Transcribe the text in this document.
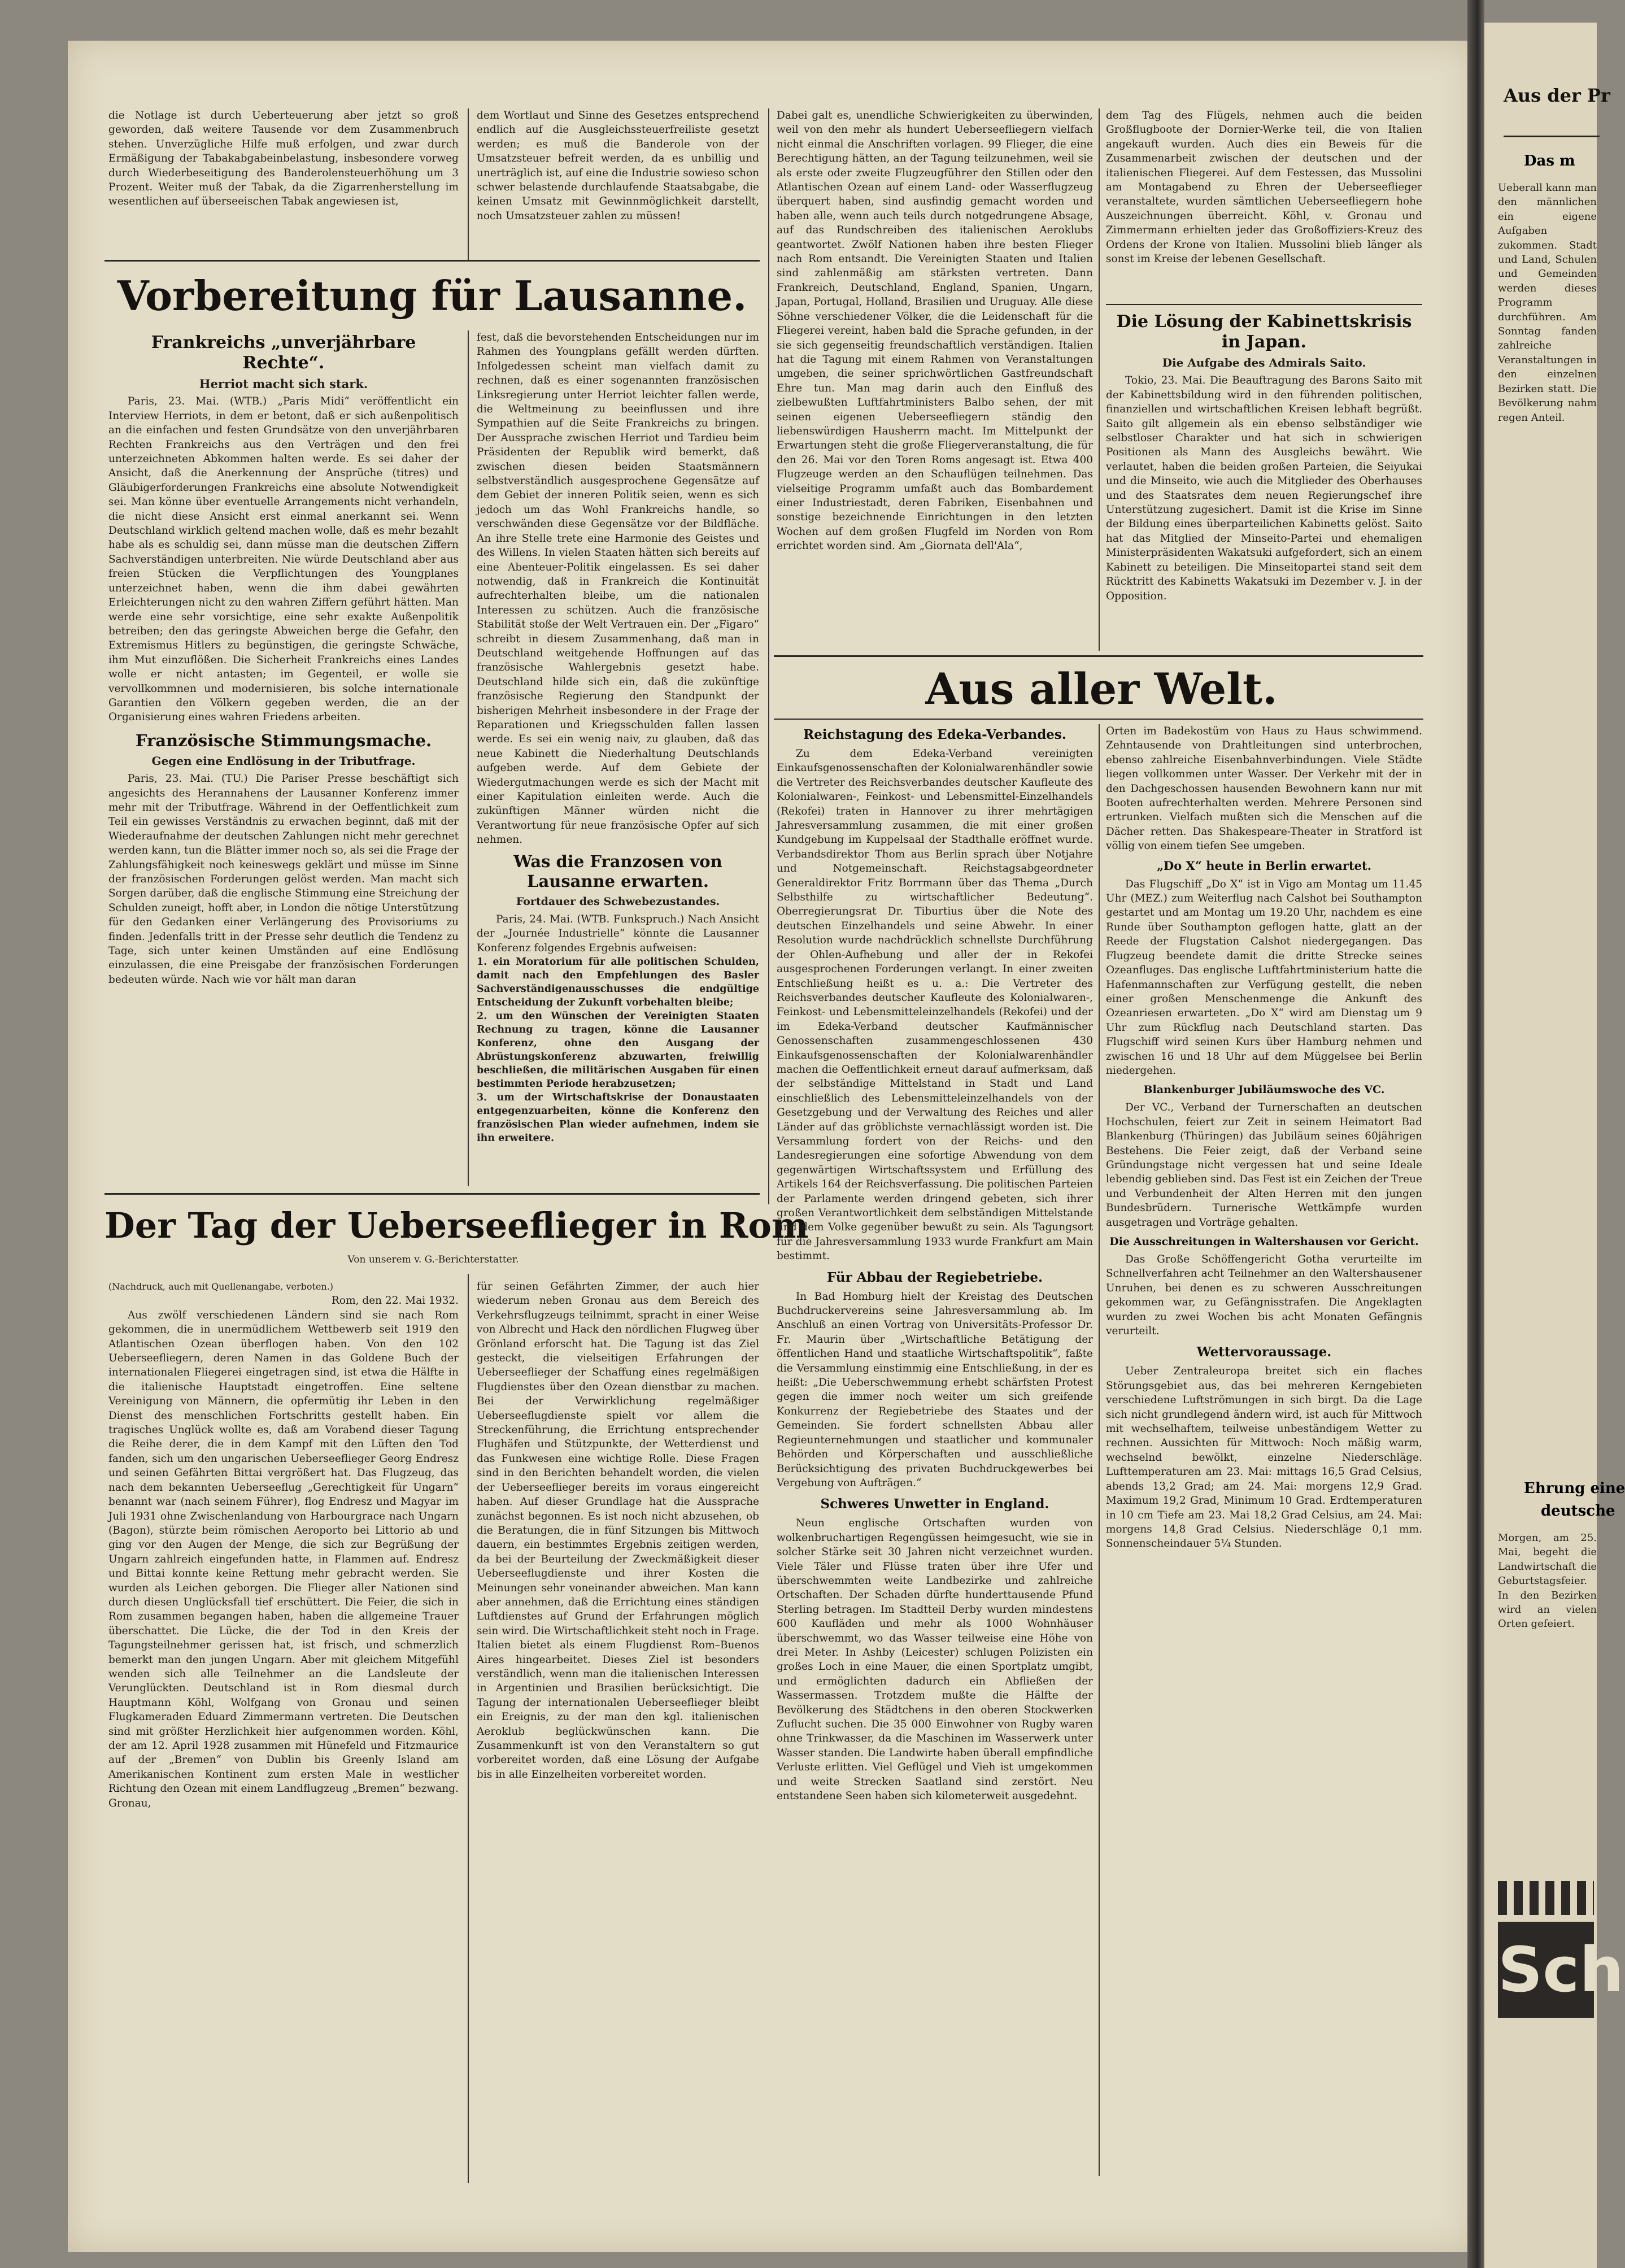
die Notlage ist durch Ueberteuerung aber jetzt so groß geworden, daß weitere Tausende vor dem Zusammenbruch stehen. Unverzügliche Hilfe muß erfolgen, und zwar durch Ermäßigung der Tabakabgabeinbelastung, insbesondere vorweg durch Wiederbeseitigung des Banderolensteuerhöhung um 3 Prozent. Weiter muß der Tabak, da die Zigarrenherstellung im wesentlichen auf überseeischen Tabak angewiesen ist,

dem Wortlaut und Sinne des Gesetzes entsprechend endlich auf die Ausgleichssteuerfreiliste gesetzt werden; es muß die Banderole von der Umsatzsteuer befreit werden, da es unbillig und unerträglich ist, auf eine die Industrie sowieso schon schwer belastende durchlaufende Staatsabgabe, die keinen Umsatz mit Gewinnmöglichkeit darstellt, noch Umsatzsteuer zahlen zu müssen!

Vorbereitung für Lausanne.
Frankreichs „unverjährbare Rechte“.
Herriot macht sich stark.

Paris, 23. Mai. (WTB.) „Paris Midi“ veröffentlicht ein Interview Herriots, in dem er betont, daß er sich außenpolitisch an die einfachen und festen Grundsätze von den unverjährbaren Rechten Frankreichs aus den Verträgen und den frei unterzeichneten Abkommen halten werde. Es sei daher der Ansicht, daß die Anerkennung der Ansprüche (titres) und Gläubigerforderungen Frankreichs eine absolute Notwendigkeit sei. Man könne über eventuelle Arrangements nicht verhandeln, die nicht diese Ansicht erst einmal anerkannt sei. Wenn Deutschland wirklich geltend machen wolle, daß es mehr bezahlt habe als es schuldig sei, dann müsse man die deutschen Ziffern Sachverständigen unterbreiten. Nie würde Deutschland aber aus freien Stücken die Verpflichtungen des Youngplanes unterzeichnet haben, wenn die ihm dabei gewährten Erleichterungen nicht zu den wahren Ziffern geführt hätten. Man werde eine sehr vorsichtige, eine sehr exakte Außenpolitik betreiben; den das geringste Abweichen berge die Gefahr, den Extremismus Hitlers zu begünstigen, die geringste Schwäche, ihm Mut einzuflößen. Die Sicherheit Frankreichs eines Landes wolle er nicht antasten; im Gegenteil, er wolle sie vervollkommnen und modernisieren, bis solche internationale Garantien den Völkern gegeben werden, die an der Organisierung eines wahren Friedens arbeiten.

Französische Stimmungsmache.
Gegen eine Endlösung in der Tributfrage.

Paris, 23. Mai. (TU.) Die Pariser Presse beschäftigt sich angesichts des Herannahens der Lausanner Konferenz immer mehr mit der Tributfrage. Während in der Oeffentlichkeit zum Teil ein gewisses Verständnis zu erwachen beginnt, daß mit der Wiederaufnahme der deutschen Zahlungen nicht mehr gerechnet werden kann, tun die Blätter immer noch so, als sei die Frage der Zahlungsfähigkeit noch keineswegs geklärt und müsse im Sinne der französischen Forderungen gelöst werden. Man macht sich Sorgen darüber, daß die englische Stimmung eine Streichung der Schulden zuneigt, hofft aber, in London die nötige Unterstützung für den Gedanken einer Verlängerung des Provisoriums zu finden. Jedenfalls tritt in der Presse sehr deutlich die Tendenz zu Tage, sich unter keinen Umständen auf eine Endlösung einzulassen, die eine Preisgabe der französischen Forderungen bedeuten würde. Nach wie vor hält man daran

fest, daß die bevorstehenden Entscheidungen nur im Rahmen des Youngplans gefällt werden dürften. Infolgedessen scheint man vielfach damit zu rechnen, daß es einer sogenannten französischen Linksregierung unter Herriot leichter fallen werde, die Weltmeinung zu beeinflussen und ihre Sympathien auf die Seite Frankreichs zu bringen. Der Aussprache zwischen Herriot und Tardieu beim Präsidenten der Republik wird bemerkt, daß zwischen diesen beiden Staatsmännern selbstverständlich ausgesprochene Gegensätze auf dem Gebiet der inneren Politik seien, wenn es sich jedoch um das Wohl Frankreichs handle, so verschwänden diese Gegensätze vor der Bildfläche. An ihre Stelle trete eine Harmonie des Geistes und des Willens. In vielen Staaten hätten sich bereits auf eine Abenteuer-Politik eingelassen. Es sei daher notwendig, daß in Frankreich die Kontinuität aufrechterhalten bleibe, um die nationalen Interessen zu schützen. Auch die französische Stabilität stoße der Welt Vertrauen ein. Der „Figaro“ schreibt in diesem Zusammenhang, daß man in Deutschland weitgehende Hoffnungen auf das französische Wahlergebnis gesetzt habe. Deutschland hilde sich ein, daß die zukünftige französische Regierung den Standpunkt der bisherigen Mehrheit insbesondere in der Frage der Reparationen und Kriegsschulden fallen lassen werde. Es sei ein wenig naiv, zu glauben, daß das neue Kabinett die Niederhaltung Deutschlands aufgeben werde. Auf dem Gebiete der Wiedergutmachungen werde es sich der Macht mit einer Kapitulation einleiten werde. Auch die zukünftigen Männer würden nicht die Verantwortung für neue französische Opfer auf sich nehmen.

Was die Franzosen von Lausanne erwarten.
Fortdauer des Schwebezustandes.

Paris, 24. Mai. (WTB. Funkspruch.) Nach Ansicht der „Journée Industrielle“ könnte die Lausanner Konferenz folgendes Ergebnis aufweisen:

1. ein Moratorium für alle politischen Schulden, damit nach den Empfehlungen des Basler Sachverständigenausschusses die endgültige Entscheidung der Zukunft vorbehalten bleibe;
2. um den Wünschen der Vereinigten Staaten Rechnung zu tragen, könne die Lausanner Konferenz, ohne den Ausgang der Abrüstungskonferenz abzuwarten, freiwillig beschließen, die militärischen Ausgaben für einen bestimmten Periode herabzusetzen;
3. um der Wirtschaftskrise der Donaustaaten entgegenzuarbeiten, könne die Konferenz den französischen Plan wieder aufnehmen, indem sie ihn erweitere.
Der Tag der Ueberseeflieger in Rom
Von unserem v. G.-Berichterstatter.
(Nachdruck, auch mit Quellenangabe, verboten.)
Rom, den 22. Mai 1932.

Aus zwölf verschiedenen Ländern sind sie nach Rom gekommen, die in unermüdlichem Wettbewerb seit 1919 den Atlantischen Ozean überflogen haben. Von den 102 Ueberseefliegern, deren Namen in das Goldene Buch der internationalen Fliegerei eingetragen sind, ist etwa die Hälfte in die italienische Hauptstadt eingetroffen. Eine seltene Vereinigung von Männern, die opfermütig ihr Leben in den Dienst des menschlichen Fortschritts gestellt haben. Ein tragisches Unglück wollte es, daß am Vorabend dieser Tagung die Reihe derer, die in dem Kampf mit den Lüften den Tod fanden, sich um den ungarischen Ueberseeflieger Georg Endresz und seinen Gefährten Bittai vergrößert hat. Das Flugzeug, das nach dem bekannten Ueberseeflug „Gerechtigkeit für Ungarn“ benannt war (nach seinem Führer), flog Endresz und Magyar im Juli 1931 ohne Zwischenlandung von Harbourgrace nach Ungarn (Bagon), stürzte beim römischen Aeroporto bei Littorio ab und ging vor den Augen der Menge, die sich zur Begrüßung der Ungarn zahlreich eingefunden hatte, in Flammen auf. Endresz und Bittai konnte keine Rettung mehr gebracht werden. Sie wurden als Leichen geborgen. Die Flieger aller Nationen sind durch diesen Unglücksfall tief erschüttert. Die Feier, die sich in Rom zusammen begangen haben, haben die allgemeine Trauer überschattet. Die Lücke, die der Tod in den Kreis der Tagungsteilnehmer gerissen hat, ist frisch, und schmerzlich bemerkt man den jungen Ungarn. Aber mit gleichem Mitgefühl wenden sich alle Teilnehmer an die Landsleute der Verunglückten. Deutschland ist in Rom diesmal durch Hauptmann Köhl, Wolfgang von Gronau und seinen Flugkameraden Eduard Zimmermann vertreten. Die Deutschen sind mit größter Herzlichkeit hier aufgenommen worden. Köhl, der am 12. April 1928 zusammen mit Hünefeld und Fitzmaurice auf der „Bremen“ von Dublin bis Greenly Island am Amerikanischen Kontinent zum ersten Male in westlicher Richtung den Ozean mit einem Landflugzeug „Bremen“ bezwang. Gronau,

für seinen Gefährten Zimmer, der auch hier wiederum neben Gronau aus dem Bereich des Verkehrsflugzeugs teilnimmt, spracht in einer Weise von Albrecht und Hack den nördlichen Flugweg über Grönland erforscht hat. Die Tagung ist das Ziel gesteckt, die vielseitigen Erfahrungen der Ueberseeflieger der Schaffung eines regelmäßigen Flugdienstes über den Ozean dienstbar zu machen. Bei der Verwirklichung regelmäßiger Ueberseeflugdienste spielt vor allem die Streckenführung, die Errichtung entsprechender Flughäfen und Stützpunkte, der Wetterdienst und das Funkwesen eine wichtige Rolle. Diese Fragen sind in den Berichten behandelt worden, die vielen der Ueberseeflieger bereits im voraus eingereicht haben. Auf dieser Grundlage hat die Aussprache zunächst begonnen. Es ist noch nicht abzusehen, ob die Beratungen, die in fünf Sitzungen bis Mittwoch dauern, ein bestimmtes Ergebnis zeitigen werden, da bei der Beurteilung der Zweckmäßigkeit dieser Ueberseeflugdienste und ihrer Kosten die Meinungen sehr voneinander abweichen. Man kann aber annehmen, daß die Errichtung eines ständigen Luftdienstes auf Grund der Erfahrungen möglich sein wird. Die Wirtschaftlichkeit steht noch in Frage. Italien bietet als einem Flugdienst Rom–Buenos Aires hingearbeitet. Dieses Ziel ist besonders verständlich, wenn man die italienischen Interessen in Argentinien und Brasilien berücksichtigt. Die Tagung der internationalen Ueberseeflieger bleibt ein Ereignis, zu der man den kgl. italienischen Aeroklub beglückwünschen kann. Die Zusammenkunft ist von den Veranstaltern so gut vorbereitet worden, daß eine Lösung der Aufgabe bis in alle Einzelheiten vorbereitet worden.

Dabei galt es, unendliche Schwierigkeiten zu überwinden, weil von den mehr als hundert Ueberseefliegern vielfach nicht einmal die Anschriften vorlagen. 99 Flieger, die eine Berechtigung hätten, an der Tagung teilzunehmen, weil sie als erste oder zweite Flugzeugführer den Stillen oder den Atlantischen Ozean auf einem Land- oder Wasserflugzeug überquert haben, sind ausfindig gemacht worden und haben alle, wenn auch teils durch notgedrungene Absage, auf das Rundschreiben des italienischen Aeroklubs geantwortet. Zwölf Nationen haben ihre besten Flieger nach Rom entsandt. Die Vereinigten Staaten und Italien sind zahlenmäßig am stärksten vertreten. Dann Frankreich, Deutschland, England, Spanien, Ungarn, Japan, Portugal, Holland, Brasilien und Uruguay. Alle diese Söhne verschiedener Völker, die die Leidenschaft für die Fliegerei vereint, haben bald die Sprache gefunden, in der sie sich gegenseitig freundschaftlich verständigen. Italien hat die Tagung mit einem Rahmen von Veranstaltungen umgeben, die seiner sprichwörtlichen Gastfreundschaft Ehre tun. Man mag darin auch den Einfluß des zielbewußten Luftfahrtministers Balbo sehen, der mit seinen eigenen Ueberseefliegern ständig den liebenswürdigen Hausherrn macht. Im Mittelpunkt der Erwartungen steht die große Fliegerveranstaltung, die für den 26. Mai vor den Toren Roms angesagt ist. Etwa 400 Flugzeuge werden an den Schauflügen teilnehmen. Das vielseitige Programm umfaßt auch das Bombardement einer Industriestadt, deren Fabriken, Eisenbahnen und sonstige bezeichnende Einrichtungen in den letzten Wochen auf dem großen Flugfeld im Norden von Rom errichtet worden sind. Am „Giornata dell'Ala“,

dem Tag des Flügels, nehmen auch die beiden Großflugboote der Dornier-Werke teil, die von Italien angekauft wurden. Auch dies ein Beweis für die Zusammenarbeit zwischen der deutschen und der italienischen Fliegerei. Auf dem Festessen, das Mussolini am Montagabend zu Ehren der Ueberseeflieger veranstaltete, wurden sämtlichen Ueberseefliegern hohe Auszeichnungen überreicht. Köhl, v. Gronau und Zimmermann erhielten jeder das Großoffiziers-Kreuz des Ordens der Krone von Italien. Mussolini blieb länger als sonst im Kreise der lebenen Gesellschaft.

Die Lösung der Kabinettskrisis in Japan.
Die Aufgabe des Admirals Saito.

Tokio, 23. Mai. Die Beauftragung des Barons Saito mit der Kabinettsbildung wird in den führenden politischen, finanziellen und wirtschaftlichen Kreisen lebhaft begrüßt. Saito gilt allgemein als ein ebenso selbständiger wie selbstloser Charakter und hat sich in schwierigen Positionen als Mann des Ausgleichs bewährt. Wie verlautet, haben die beiden großen Parteien, die Seiyukai und die Minseito, wie auch die Mitglieder des Oberhauses und des Staatsrates dem neuen Regierungschef ihre Unterstützung zugesichert. Damit ist die Krise im Sinne der Bildung eines überparteilichen Kabinetts gelöst. Saito hat das Mitglied der Minseito-Partei und ehemaligen Ministerpräsidenten Wakatsuki aufgefordert, sich an einem Kabinett zu beteiligen. Die Minseitopartei stand seit dem Rücktritt des Kabinetts Wakatsuki im Dezember v. J. in der Opposition.

Aus aller Welt.
Reichstagung des Edeka-Verbandes.

Zu dem Edeka-Verband vereinigten Einkaufsgenossenschaften der Kolonialwarenhändler sowie die Vertreter des Reichsverbandes deutscher Kaufleute des Kolonialwaren-, Feinkost- und Lebensmittel-Einzelhandels (Rekofei) traten in Hannover zu ihrer mehrtägigen Jahresversammlung zusammen, die mit einer großen Kundgebung im Kuppelsaal der Stadthalle eröffnet wurde. Verbandsdirektor Thom aus Berlin sprach über Notjahre und Notgemeinschaft. Reichstagsabgeordneter Generaldirektor Fritz Borrmann über das Thema „Durch Selbsthilfe zu wirtschaftlicher Bedeutung“. Oberregierungsrat Dr. Tiburtius über die Note des deutschen Einzelhandels und seine Abwehr. In einer Resolution wurde nachdrücklich schnellste Durchführung der Ohlen-Aufhebung und aller der in Rekofei ausgesprochenen Forderungen verlangt. In einer zweiten Entschließung heißt es u. a.: Die Vertreter des Reichsverbandes deutscher Kaufleute des Kolonialwaren-, Feinkost- und Lebensmitteleinzelhandels (Rekofei) und der im Edeka-Verband deutscher Kaufmännischer Genossenschaften zusammengeschlossenen 430 Einkaufsgenossenschaften der Kolonialwarenhändler machen die Oeffentlichkeit erneut darauf aufmerksam, daß der selbständige Mittelstand in Stadt und Land einschließlich des Lebensmitteleinzelhandels von der Gesetzgebung und der Verwaltung des Reiches und aller Länder auf das gröblichste vernachlässigt worden ist. Die Versammlung fordert von der Reichs- und den Landesregierungen eine sofortige Abwendung von dem gegenwärtigen Wirtschaftssystem und Erfüllung des Artikels 164 der Reichsverfassung. Die politischen Parteien der Parlamente werden dringend gebeten, sich ihrer großen Verantwortlichkeit dem selbständigen Mittelstande und dem Volke gegenüber bewußt zu sein. Als Tagungsort für die Jahresversammlung 1933 wurde Frankfurt am Main bestimmt.

Für Abbau der Regiebetriebe.

In Bad Homburg hielt der Kreistag des Deutschen Buchdruckervereins seine Jahresversammlung ab. Im Anschluß an einen Vortrag von Universitäts-Professor Dr. Fr. Maurin über „Wirtschaftliche Betätigung der öffentlichen Hand und staatliche Wirtschaftspolitik“, faßte die Versammlung einstimmig eine Entschließung, in der es heißt: „Die Ueberschwemmung erhebt schärfsten Protest gegen die immer noch weiter um sich greifende Konkurrenz der Regiebetriebe des Staates und der Gemeinden. Sie fordert schnellsten Abbau aller Regieunternehmungen und staatlicher und kommunaler Behörden und Körperschaften und ausschließliche Berücksichtigung des privaten Buchdruckgewerbes bei Vergebung von Aufträgen.“

Schweres Unwetter in England.

Neun englische Ortschaften wurden von wolkenbruchartigen Regengüssen heimgesucht, wie sie in solcher Stärke seit 30 Jahren nicht verzeichnet wurden. Viele Täler und Flüsse traten über ihre Ufer und überschwemmten weite Landbezirke und zahlreiche Ortschaften. Der Schaden dürfte hunderttausende Pfund Sterling betragen. Im Stadtteil Derby wurden mindestens 600 Kaufläden und mehr als 1000 Wohnhäuser überschwemmt, wo das Wasser teilweise eine Höhe von drei Meter. In Ashby (Leicester) schlugen Polizisten ein großes Loch in eine Mauer, die einen Sportplatz umgibt, und ermöglichten dadurch ein Abfließen der Wassermassen. Trotzdem mußte die Hälfte der Bevölkerung des Städtchens in den oberen Stockwerken Zuflucht suchen. Die 35 000 Einwohner von Rugby waren ohne Trinkwasser, da die Maschinen im Wasserwerk unter Wasser standen. Die Landwirte haben überall empfindliche Verluste erlitten. Viel Geflügel und Vieh ist umgekommen und weite Strecken Saatland sind zerstört. Neu entstandene Seen haben sich kilometerweit ausgedehnt.

Orten im Badekostüm von Haus zu Haus schwimmend. Zehntausende von Drahtleitungen sind unterbrochen, ebenso zahlreiche Eisenbahnverbindungen. Viele Städte liegen vollkommen unter Wasser. Der Verkehr mit der in den Dachgeschossen hausenden Bewohnern kann nur mit Booten aufrechterhalten werden. Mehrere Personen sind ertrunken. Vielfach mußten sich die Menschen auf die Dächer retten. Das Shakespeare-Theater in Stratford ist völlig von einem tiefen See umgeben.

„Do X“ heute in Berlin erwartet.

Das Flugschiff „Do X“ ist in Vigo am Montag um 11.45 Uhr (MEZ.) zum Weiterflug nach Calshot bei Southampton gestartet und am Montag um 19.20 Uhr, nachdem es eine Runde über Southampton geflogen hatte, glatt an der Reede der Flugstation Calshot niedergegangen. Das Flugzeug beendete damit die dritte Strecke seines Ozeanfluges. Das englische Luftfahrtministerium hatte die Hafenmannschaften zur Verfügung gestellt, die neben einer großen Menschenmenge die Ankunft des Ozeanriesen erwarteten. „Do X“ wird am Dienstag um 9 Uhr zum Rückflug nach Deutschland starten. Das Flugschiff wird seinen Kurs über Hamburg nehmen und zwischen 16 und 18 Uhr auf dem Müggelsee bei Berlin niedergehen.

Blankenburger Jubiläumswoche des VC.

Der VC., Verband der Turnerschaften an deutschen Hochschulen, feiert zur Zeit in seinem Heimatort Bad Blankenburg (Thüringen) das Jubiläum seines 60jährigen Bestehens. Die Feier zeigt, daß der Verband seine Gründungstage nicht vergessen hat und seine Ideale lebendig geblieben sind. Das Fest ist ein Zeichen der Treue und Verbundenheit der Alten Herren mit den jungen Bundesbrüdern. Turnerische Wettkämpfe wurden ausgetragen und Vorträge gehalten.

Die Ausschreitungen in Waltershausen vor Gericht.

Das Große Schöffengericht Gotha verurteilte im Schnellverfahren acht Teilnehmer an den Waltershausener Unruhen, bei denen es zu schweren Ausschreitungen gekommen war, zu Gefängnisstrafen. Die Angeklagten wurden zu zwei Wochen bis acht Monaten Gefängnis verurteilt.

Wettervoraussage.

Ueber Zentraleuropa breitet sich ein flaches Störungsgebiet aus, das bei mehreren Kerngebieten verschiedene Luftströmungen in sich birgt. Da die Lage sich nicht grundlegend ändern wird, ist auch für Mittwoch mit wechselhaftem, teilweise unbeständigem Wetter zu rechnen. Aussichten für Mittwoch: Noch mäßig warm, wechselnd bewölkt, einzelne Niederschläge. Lufttemperaturen am 23. Mai: mittags 16,5 Grad Celsius, abends 13,2 Grad; am 24. Mai: morgens 12,9 Grad. Maximum 19,2 Grad, Minimum 10 Grad. Erdtemperaturen in 10 cm Tiefe am 23. Mai 18,2 Grad Celsius, am 24. Mai: morgens 14,8 Grad Celsius. Niederschläge 0,1 mm. Sonnenscheindauer 5¼ Stunden.

Aus der Pr
Das m

Ueberall kann man den männlichen ein eigene Aufgaben zukommen. Stadt und Land, Schulen und Gemeinden werden dieses Programm durchführen. Am Sonntag fanden zahlreiche Veranstaltungen in den einzelnen Bezirken statt. Die Bevölkerung nahm regen Anteil.

Ehrung eine
deutsche

Morgen, am 25. Mai, begeht die Landwirtschaft die Geburtstagsfeier. In den Bezirken wird an vielen Orten gefeiert.

Sch
